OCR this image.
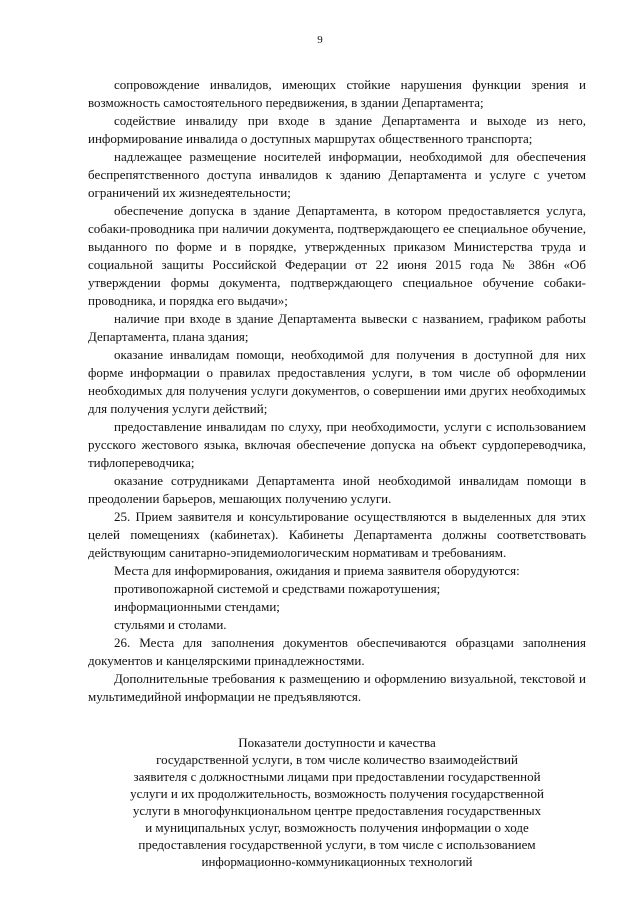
9

сопровождение инвалидов, имеющих стойкие нарушения функции зрения и возможность самостоятельного передвижения, в здании Департамента;

содействие инвалиду при входе в здание Департамента и выходе из него, информирование инвалида о доступных маршрутах общественного транспорта;

надлежащее размещение носителей информации, необходимой для обеспечения беспрепятственного доступа инвалидов к зданию Департамента и услуге с учетом ограничений их жизнедеятельности;

обеспечение допуска в здание Департамента, в котором предоставляется услуга, собаки-проводника при наличии документа, подтверждающего ее специальное обучение, выданного по форме и в порядке, утвержденных приказом Министерства труда и социальной защиты Российской Федерации от 22 июня 2015 года № 386н «Об утверждении формы документа, подтверждающего специальное обучение собаки-проводника, и порядка его выдачи»;

наличие при входе в здание Департамента вывески с названием, графиком работы Департамента, плана здания;

оказание инвалидам помощи, необходимой для получения в доступной для них форме информации о правилах предоставления услуги, в том числе об оформлении необходимых для получения услуги документов, о совершении ими других необходимых для получения услуги действий;

предоставление инвалидам по слуху, при необходимости, услуги с использованием русского жестового языка, включая обеспечение допуска на объект сурдопереводчика, тифлопереводчика;

оказание сотрудниками Департамента иной необходимой инвалидам помощи в преодолении барьеров, мешающих получению услуги.

25. Прием заявителя и консультирование осуществляются в выделенных для этих целей помещениях (кабинетах). Кабинеты Департамента должны соответствовать действующим санитарно-эпидемиологическим нормативам и требованиям.

Места для информирования, ожидания и приема заявителя оборудуются:

противопожарной системой и средствами пожаротушения;

информационными стендами;

стульями и столами.

26. Места для заполнения документов обеспечиваются образцами заполнения документов и канцелярскими принадлежностями.

Дополнительные требования к размещению и оформлению визуальной, текстовой и мультимедийной информации не предъявляются.

Показатели доступности и качества
государственной услуги, в том числе количество взаимодействий
заявителя с должностными лицами при предоставлении государственной
услуги и их продолжительность, возможность получения государственной
услуги в многофункциональном центре предоставления государственных
и муниципальных услуг, возможность получения информации о ходе
предоставления государственной услуги, в том числе с использованием
информационно-коммуникационных технологий
